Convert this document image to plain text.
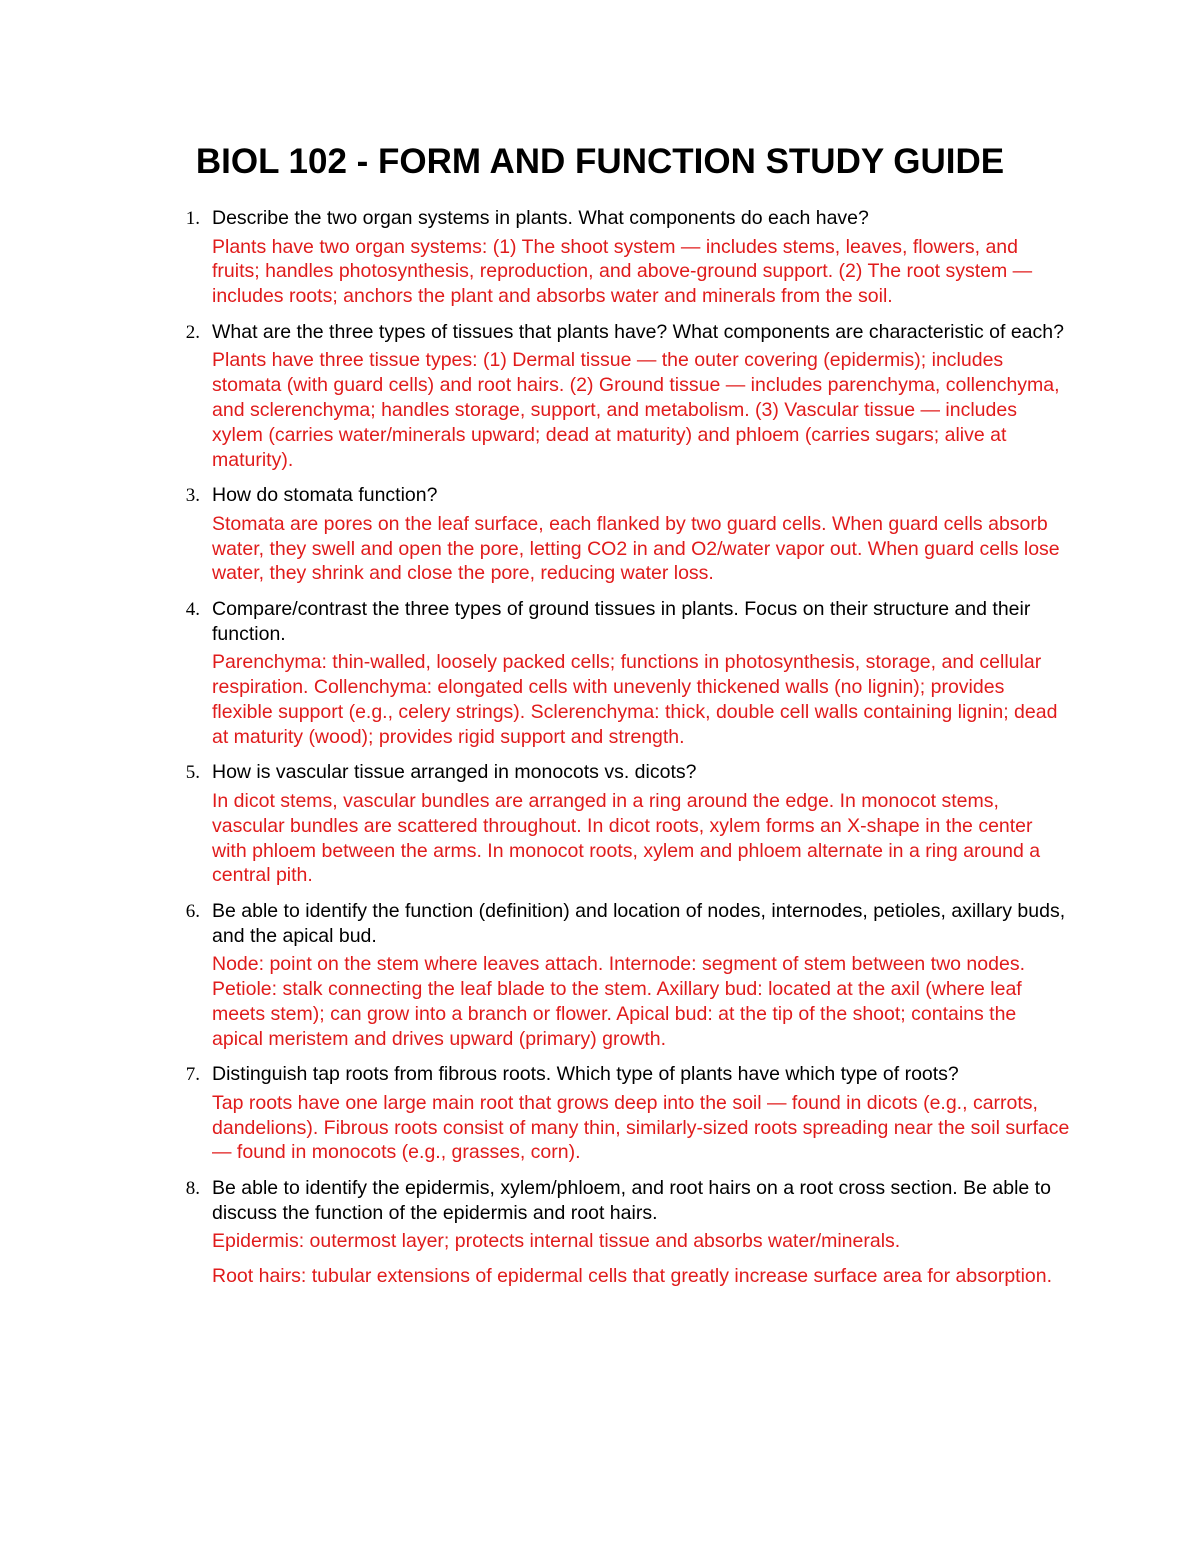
BIOL 102 - FORM AND FUNCTION STUDY GUIDE
1. Describe the two organ systems in plants. What components do each have?

Plants have two organ systems: (1) The shoot system — includes stems, leaves, flowers, and fruits; handles photosynthesis, reproduction, and above-ground support. (2) The root system — includes roots; anchors the plant and absorbs water and minerals from the soil.

2. What are the three types of tissues that plants have? What components are characteristic of each?

Plants have three tissue types: (1) Dermal tissue — the outer covering (epidermis); includes stomata (with guard cells) and root hairs. (2) Ground tissue — includes parenchyma, collenchyma, and sclerenchyma; handles storage, support, and metabolism. (3) Vascular tissue — includes xylem (carries water/minerals upward; dead at maturity) and phloem (carries sugars; alive at maturity).

3. How do stomata function?

Stomata are pores on the leaf surface, each flanked by two guard cells. When guard cells absorb water, they swell and open the pore, letting CO2 in and O2/water vapor out. When guard cells lose water, they shrink and close the pore, reducing water loss.

4. Compare/contrast the three types of ground tissues in plants. Focus on their structure and their function.

Parenchyma: thin-walled, loosely packed cells; functions in photosynthesis, storage, and cellular respiration. Collenchyma: elongated cells with unevenly thickened walls (no lignin); provides flexible support (e.g., celery strings). Sclerenchyma: thick, double cell walls containing lignin; dead at maturity (wood); provides rigid support and strength.

5. How is vascular tissue arranged in monocots vs. dicots?

In dicot stems, vascular bundles are arranged in a ring around the edge. In monocot stems, vascular bundles are scattered throughout. In dicot roots, xylem forms an X-shape in the center with phloem between the arms. In monocot roots, xylem and phloem alternate in a ring around a central pith.

6. Be able to identify the function (definition) and location of nodes, internodes, petioles, axillary buds, and the apical bud.

Node: point on the stem where leaves attach. Internode: segment of stem between two nodes. Petiole: stalk connecting the leaf blade to the stem. Axillary bud: located at the axil (where leaf meets stem); can grow into a branch or flower. Apical bud: at the tip of the shoot; contains the apical meristem and drives upward (primary) growth.

7. Distinguish tap roots from fibrous roots. Which type of plants have which type of roots?

Tap roots have one large main root that grows deep into the soil — found in dicots (e.g., carrots, dandelions). Fibrous roots consist of many thin, similarly-sized roots spreading near the soil surface — found in monocots (e.g., grasses, corn).

8. Be able to identify the epidermis, xylem/phloem, and root hairs on a root cross section. Be able to discuss the function of the epidermis and root hairs.

Epidermis: outermost layer; protects internal tissue and absorbs water/minerals.

Root hairs: tubular extensions of epidermal cells that greatly increase surface area for absorption.
